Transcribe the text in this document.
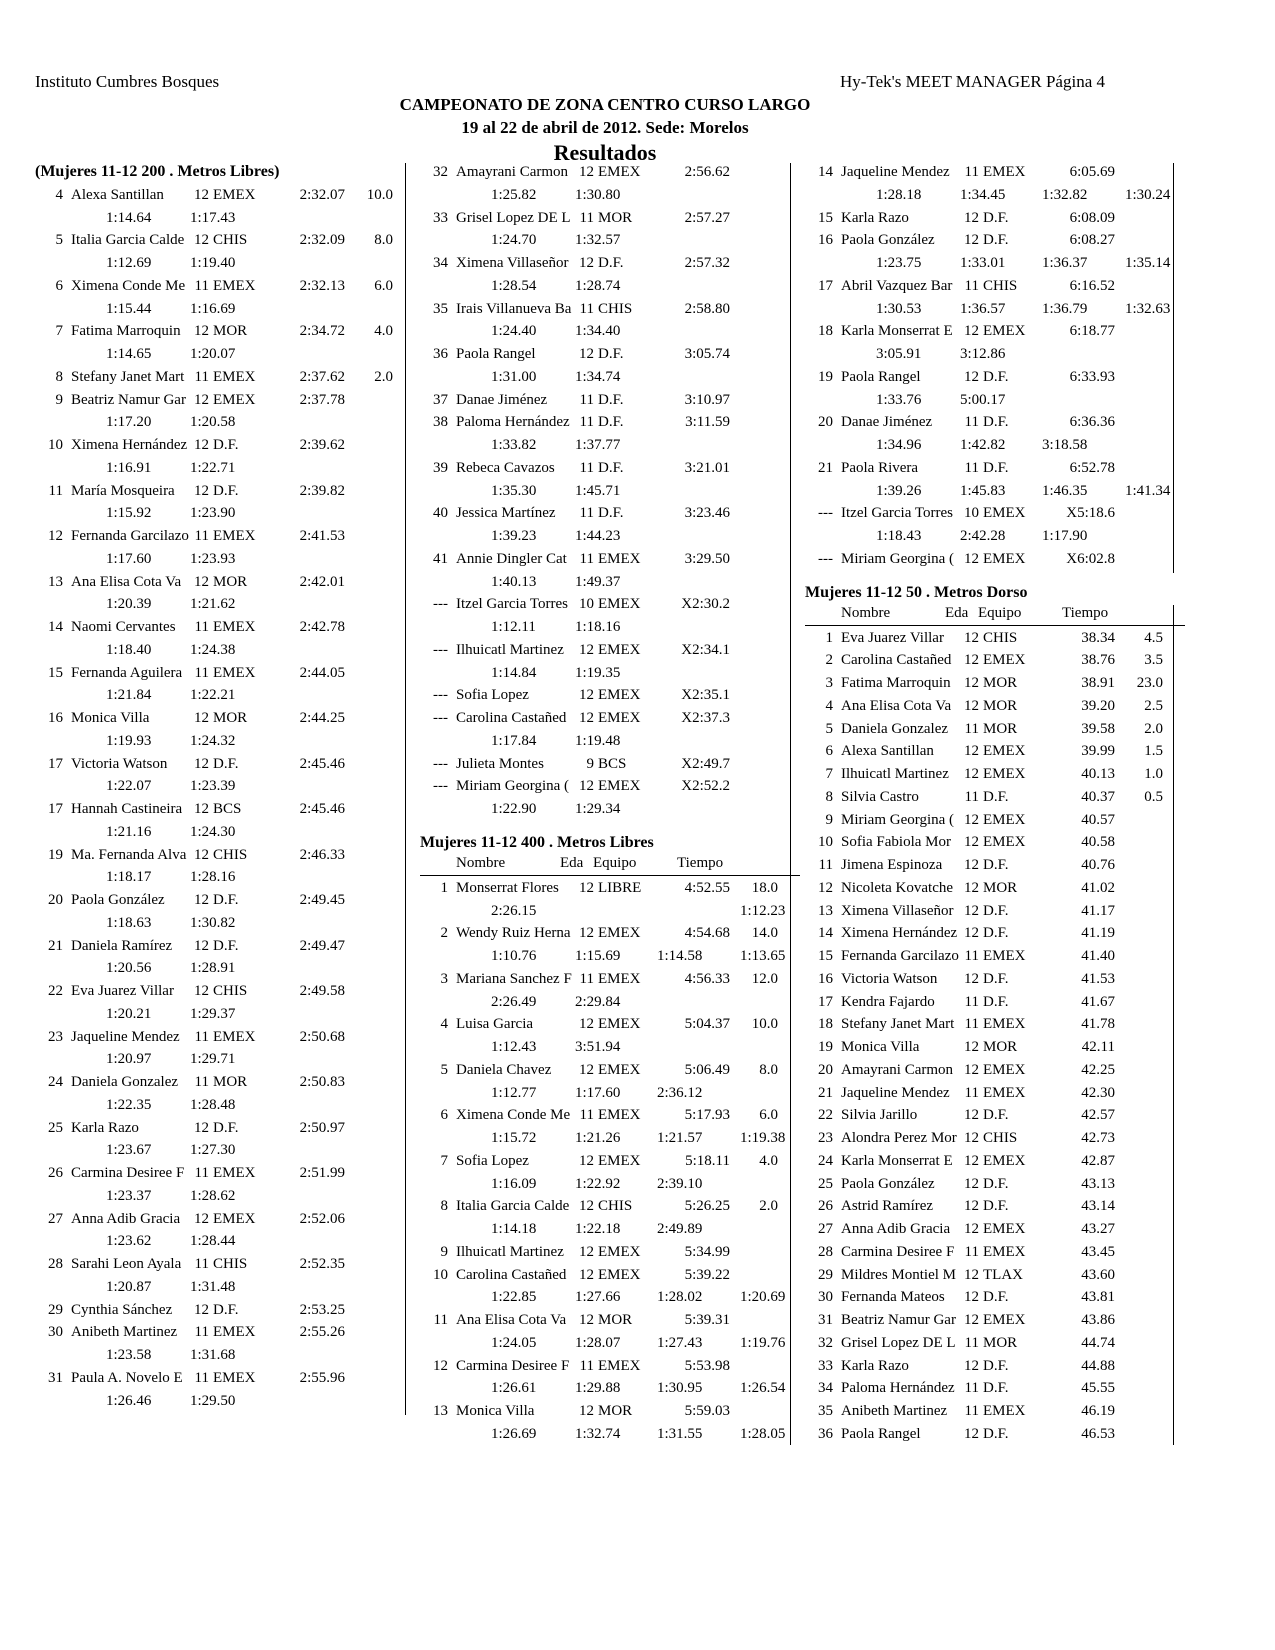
Instituto Cumbres Bosques	Hy-Tek's MEET MANAGER Página 4
CAMPEONATO DE ZONA CENTRO CURSO LARGO
19 al 22 de abril de 2012. Sede: Morelos
Resultados
(Mujeres 11-12 200 . Metros Libres)
4 Alexa Santillan	12 EMEX	2:32.07	10.0
1:14.64	1:17.43
5 Italia Garcia Calde 12 CHIS	2:32.09	8.0
1:12.69	1:19.40
6 Ximena Conde Me 11 EMEX	2:32.13	6.0
1:15.44	1:16.69
7 Fatima Marroquin 12 MOR	2:34.72	4.0
1:14.65	1:20.07
8 Stefany Janet Mart 11 EMEX	2:37.62	2.0
9 Beatriz Namur Gar 12 EMEX	2:37.78
1:17.20	1:20.58
10 Ximena Hernández 12 D.F.	2:39.62
1:16.91	1:22.71
11 María Mosqueira	12 D.F.	2:39.82
1:15.92	1:23.90
12 Fernanda Garcilazo 11 EMEX	2:41.53
1:17.60	1:23.93
13 Ana Elisa Cota Va 12 MOR	2:42.01
1:20.39	1:21.62
14 Naomi Cervantes	11 EMEX	2:42.78
1:18.40	1:24.38
15 Fernanda Aguilera 11 EMEX	2:44.05
1:21.84	1:22.21
16 Monica Villa	12 MOR	2:44.25
1:19.93	1:24.32
17 Victoria Watson	12 D.F.	2:45.46
1:22.07	1:23.39
17 Hannah Castineira 12 BCS	2:45.46
1:21.16	1:24.30
19 Ma. Fernanda Alva 12 CHIS	2:46.33
1:18.17	1:28.16
20 Paola González	12 D.F.	2:49.45
1:18.63	1:30.82
21 Daniela Ramírez	12 D.F.	2:49.47
1:20.56	1:28.91
22 Eva Juarez Villar	12 CHIS	2:49.58
1:20.21	1:29.37
23 Jaqueline Mendez 11 EMEX	2:50.68
1:20.97	1:29.71
24 Daniela Gonzalez	11 MOR	2:50.83
1:22.35	1:28.48
25 Karla Razo	12 D.F.	2:50.97
1:23.67	1:27.30
26 Carmina Desiree F 11 EMEX	2:51.99
1:23.37	1:28.62
27 Anna Adib Gracia 12 EMEX	2:52.06
1:23.62	1:28.44
28 Sarahi Leon Ayala 11 CHIS	2:52.35
1:20.87	1:31.48
29 Cynthia Sánchez	12 D.F.	2:53.25
30 Anibeth Martinez	11 EMEX	2:55.26
1:23.58	1:31.68
31 Paula A. Novelo E 11 EMEX	2:55.96
1:26.46	1:29.50
32 Amayrani Carmon 12 EMEX	2:56.62
1:25.82	1:30.80
33 Grisel Lopez DE L 11 MOR	2:57.27
1:24.70	1:32.57
34 Ximena Villaseñor 12 D.F.	2:57.32
1:28.54	1:28.74
35 Irais Villanueva Ba 11 CHIS	2:58.80
1:24.40	1:34.40
36 Paola Rangel	12 D.F.	3:05.74
1:31.00	1:34.74
37 Danae Jiménez	11 D.F.	3:10.97
38 Paloma Hernández 11 D.F.	3:11.59
1:33.82	1:37.77
39 Rebeca Cavazos	11 D.F.	3:21.01
1:35.30	1:45.71
40 Jessica Martínez	11 D.F.	3:23.46
1:39.23	1:44.23
41 Annie Dingler Cat 11 EMEX	3:29.50
1:40.13	1:49.37
--- Itzel Garcia Torres 10 EMEX	X2:30.2
1:12.11	1:18.16
--- Ilhuicatl Martinez	12 EMEX	X2:34.1
1:14.84	1:19.35
--- Sofia Lopez	12 EMEX	X2:35.1
--- Carolina Castañed 12 EMEX	X2:37.3
1:17.84	1:19.48
--- Julieta Montes	9 BCS	X2:49.7
--- Miriam Georgina ( 12 EMEX	X2:52.2
1:22.90	1:29.34
Mujeres 11-12 400 . Metros Libres
Nombre	Eda Equipo	Tiempo
1 Monserrat Flores	12 LIBRE	4:52.55	18.0
2:26.15	1:12.23
2 Wendy Ruiz Herna 12 EMEX	4:54.68	14.0
1:10.76	1:15.69 1:14.58	1:13.65
3 Mariana Sanchez F 11 EMEX	4:56.33	12.0
2:26.49	2:29.84
4 Luisa Garcia	12 EMEX	5:04.37	10.0
1:12.43	3:51.94
5 Daniela Chavez	12 EMEX	5:06.49	8.0
1:12.77	1:17.60 2:36.12
6 Ximena Conde Me 11 EMEX	5:17.93	6.0
1:15.72	1:21.26 1:21.57	1:19.38
7 Sofia Lopez	12 EMEX	5:18.11	4.0
1:16.09	1:22.92 2:39.10
8 Italia Garcia Calde 12 CHIS	5:26.25	2.0
1:14.18	1:22.18 2:49.89
9 Ilhuicatl Martinez	12 EMEX	5:34.99
10 Carolina Castañed 12 EMEX	5:39.22
1:22.85	1:27.66 1:28.02	1:20.69
11 Ana Elisa Cota Va 12 MOR	5:39.31
1:24.05	1:28.07 1:27.43	1:19.76
12 Carmina Desiree F 11 EMEX	5:53.98
1:26.61	1:29.88 1:30.95	1:26.54
13 Monica Villa	12 MOR	5:59.03
1:26.69	1:32.74 1:31.55	1:28.05
14 Jaqueline Mendez 11 EMEX	6:05.69
1:28.18	1:34.45 1:32.82	1:30.24
15 Karla Razo	12 D.F.	6:08.09
16 Paola González	12 D.F.	6:08.27
1:23.75	1:33.01 1:36.37	1:35.14
17 Abril Vazquez Bar 11 CHIS	6:16.52
1:30.53	1:36.57 1:36.79	1:32.63
18 Karla Monserrat E 12 EMEX	6:18.77
3:05.91	3:12.86
19 Paola Rangel	12 D.F.	6:33.93
1:33.76	5:00.17
20 Danae Jiménez	11 D.F.	6:36.36
1:34.96	1:42.82 3:18.58
21 Paola Rivera	11 D.F.	6:52.78
1:39.26	1:45.83 1:46.35	1:41.34
--- Itzel Garcia Torres 10 EMEX	X5:18.6
1:18.43	2:42.28 1:17.90
--- Miriam Georgina ( 12 EMEX	X6:02.8
Mujeres 11-12 50 . Metros Dorso
Nombre	Eda Equipo	Tiempo
1 Eva Juarez Villar	12 CHIS	38.34	4.5
2 Carolina Castañed 12 EMEX	38.76	3.5
3 Fatima Marroquin 12 MOR	38.91	23.0
4 Ana Elisa Cota Va 12 MOR	39.20	2.5
5 Daniela Gonzalez	11 MOR	39.58	2.0
6 Alexa Santillan	12 EMEX	39.99	1.5
7 Ilhuicatl Martinez	12 EMEX	40.13	1.0
8 Silvia Castro	11 D.F.	40.37	0.5
9 Miriam Georgina ( 12 EMEX	40.57
10 Sofia Fabiola Mor 12 EMEX	40.58
11 Jimena Espinoza	12 D.F.	40.76
12 Nicoleta Kovatche 12 MOR	41.02
13 Ximena Villaseñor 12 D.F.	41.17
14 Ximena Hernández 12 D.F.	41.19
15 Fernanda Garcilazo 11 EMEX	41.40
16 Victoria Watson	12 D.F.	41.53
17 Kendra Fajardo	11 D.F.	41.67
18 Stefany Janet Mart 11 EMEX	41.78
19 Monica Villa	12 MOR	42.11
20 Amayrani Carmon 12 EMEX	42.25
21 Jaqueline Mendez 11 EMEX	42.30
22 Silvia Jarillo	12 D.F.	42.57
23 Alondra Perez Mor 12 CHIS	42.73
24 Karla Monserrat E 12 EMEX	42.87
25 Paola González	12 D.F.	43.13
26 Astrid Ramírez	12 D.F.	43.14
27 Anna Adib Gracia 12 EMEX	43.27
28 Carmina Desiree F 11 EMEX	43.45
29 Mildres Montiel M 12 TLAX	43.60
30 Fernanda Mateos	12 D.F.	43.81
31 Beatriz Namur Gar 12 EMEX	43.86
32 Grisel Lopez DE L 11 MOR	44.74
33 Karla Razo	12 D.F.	44.88
34 Paloma Hernández 11 D.F.	45.55
35 Anibeth Martinez	11 EMEX	46.19
36 Paola Rangel	12 D.F.	46.53
